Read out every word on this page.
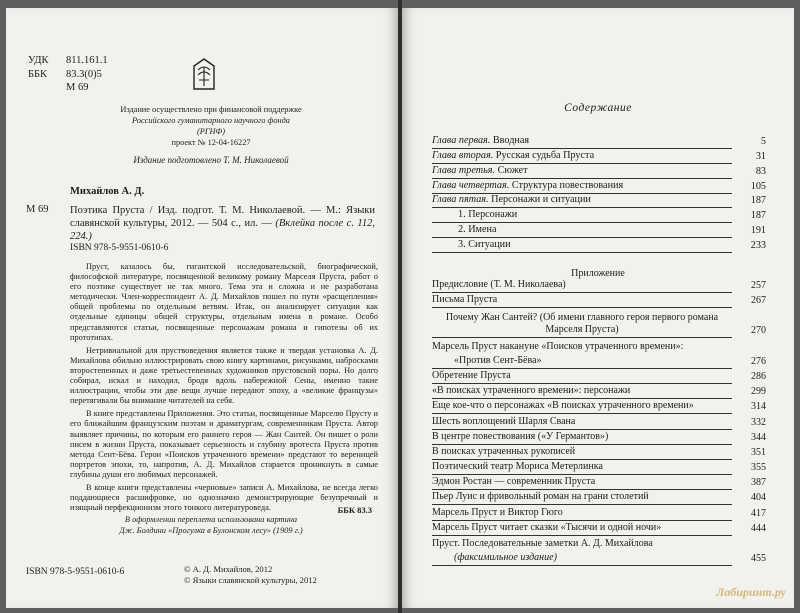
УДК	811.161.1
ББК	83.3(0)5
М 69
Издание осуществлено при финансовой поддержке
Российского гуманитарного научного фонда
(РГНФ)
проект № 12-04-16227
Издание подготовлено Т. М. Николаевой
Михайлов А. Д.
М 69 Поэтика Пруста / Изд. подгот. Т. М. Николаевой. — М.: Языки славянской культуры, 2012. — 504 с., ил. — (Вклейка после с. 112, 224.)
ISBN 978-5-9551-0610-6

Пруст, казалось бы, гигантской исследовательской, биографической, философской литературе, посвященной великому роману Марселя Пруста, работ о его поэтике существует не так много. Тема эта и сложна и не разработана методически. Член-корреспондент А. Д. Михайлов пошел по пути «расщепления» общей проблемы по отдельным ветвям. Итак, он анализирует ситуации как отдельные единицы общей структуры, отдельным имена в романе. Особо представляются статьи, посвященные персонажам романа и гипотезы об их прототипах.

Нетривиальной для пруствоведения является также и твердая установка А. Д. Михайлова обильно иллюстрировать свою книгу картинами, рисунками, набросками второстепенных и даже третьестепенных художников прустовской поры. Но долго собирал, искал и находил, бродя вдоль набережной Сены, именно такие иллюстрации, чтобы эти две вещи лучше передают эпоху, а «великие французы» перетягивали бы внимание читателей на себя.

В книге представлены Приложения. Это статьи, посвященные Марселю Прусту и его ближайшим французским поэтам и драматургам, современникам Пруста. Автор выявляет причины, по которым его раннего героя — Жан Сантей. Он пишет о роли писем в жизни Пруста, показывает серьезность и глубину вротеста Пруста против метода Сент-Бёва. Герои «Поисков утраченного времени» предстают то вереницей портретов эпохи, то, напротив, А. Д. Михайлов старается проникнуть в самые глубины души его любимых персонажей.

В конце книги представлены «черновые» записи А. Михайлова, не всегда легко поддающиеся расшифровке, но однозначно демонстрирующие безупречный и изящный перфекционизм этого тонкого литературоведа.	ББК 83.3
В оформлении переплета использована картина
Дж. Болдини «Прогулка в Булонском лесу» (1909 г.)
ISBN 978-5-9551-0610-6	© А. Д. Михайлов, 2012
© Языки славянской культуры, 2012
Содержание
Глава первая. Вводная	5
Глава вторая. Русская судьба Пруста	31
Глава третья. Сюжет	83
Глава четвертая. Структура повествования	105
Глава пятая. Персонажи и ситуации	187
1. Персонажи	187
2. Имена	191
3. Ситуации	233
Приложение
Предисловие (Т. М. Николаева)	257
Письма Пруста	267
Почему Жан Сантей? (Об имени главного героя первого романа Марселя Пруста)	270
Марсель Пруст накануне «Поисков утраченного времени»:
«Против Сент-Бёва»	276
Обретение Пруста	286
«В поисках утраченного времени»: персонажи	299
Еще кое-что о персонажах «В поисках утраченного времени»	314
Шесть воплощений Шарля Свана	332
В центре повествования («У Германтов»)	344
В поисках утраченных рукописей	351
Поэтический театр Мориса Метерлинка	355
Эдмон Ростан — современник Пруста	387
Пьер Луис и фривольный роман на грани столетий	404
Марсель Пруст и Виктор Гюго	417
Марсель Пруст читает сказки «Тысячи и одной ночи»	444
Пруст. Последовательные заметки А. Д. Михайлова
(факсимильное издание)	455
Лабиринт.ру
